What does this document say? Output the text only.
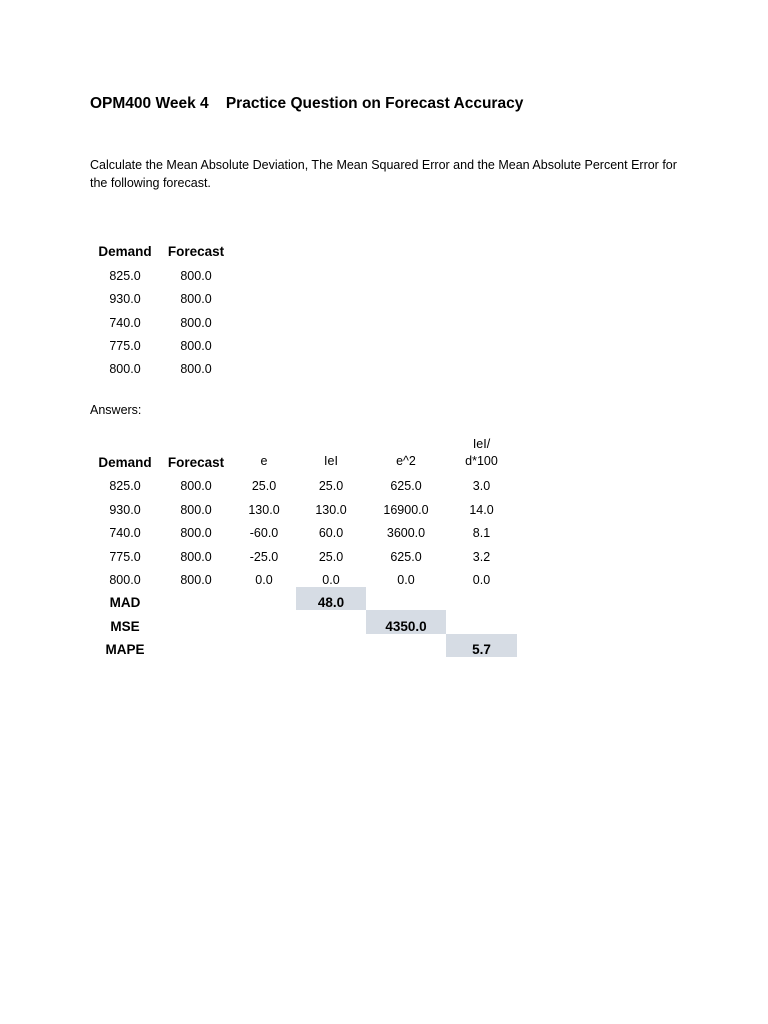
OPM400 Week 4    Practice Question on Forecast Accuracy
Calculate the Mean Absolute Deviation, The Mean Squared Error and the Mean Absolute Percent Error for the following forecast.
Demand	Forecast
825.0	800.0
930.0	800.0
740.0	800.0
775.0	800.0
800.0	800.0
Answers:
Demand	Forecast	e	IeI	e^2	IeI/
d*100

825.0	800.0	25.0	25.0	625.0	3.0
930.0	800.0	130.0	130.0	16900.0	14.0
740.0	800.0	-60.0	60.0	3600.0	8.1
775.0	800.0	-25.0	25.0	625.0	3.2
800.0	800.0	0.0	0.0	0.0	0.0
MAD			48.0		
MSE				4350.0	
MAPE					5.7
